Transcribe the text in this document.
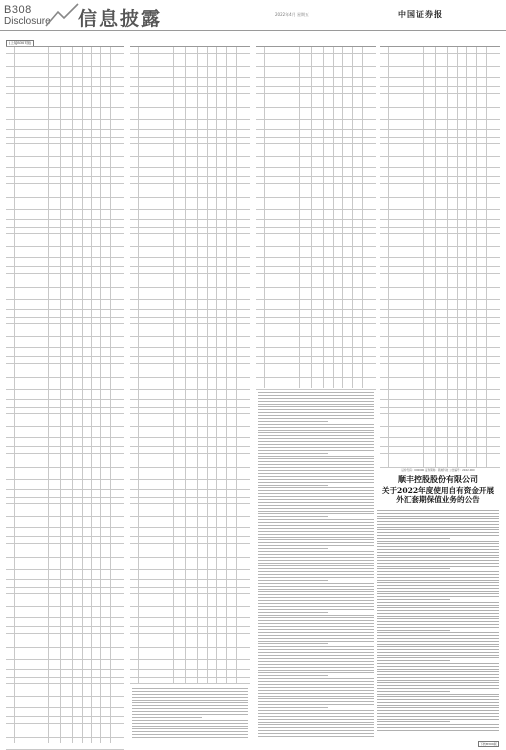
B308
Disclosure 信息披露	2022年4月 星期五	中国证券报
(上接B307版)
证券代码：000000 证券简称：顾地科技 公告编号：2022-000
顺丰控股股份有限公司
关于2022年度使用自有资金开展
外汇套期保值业务的公告
下转B309版
